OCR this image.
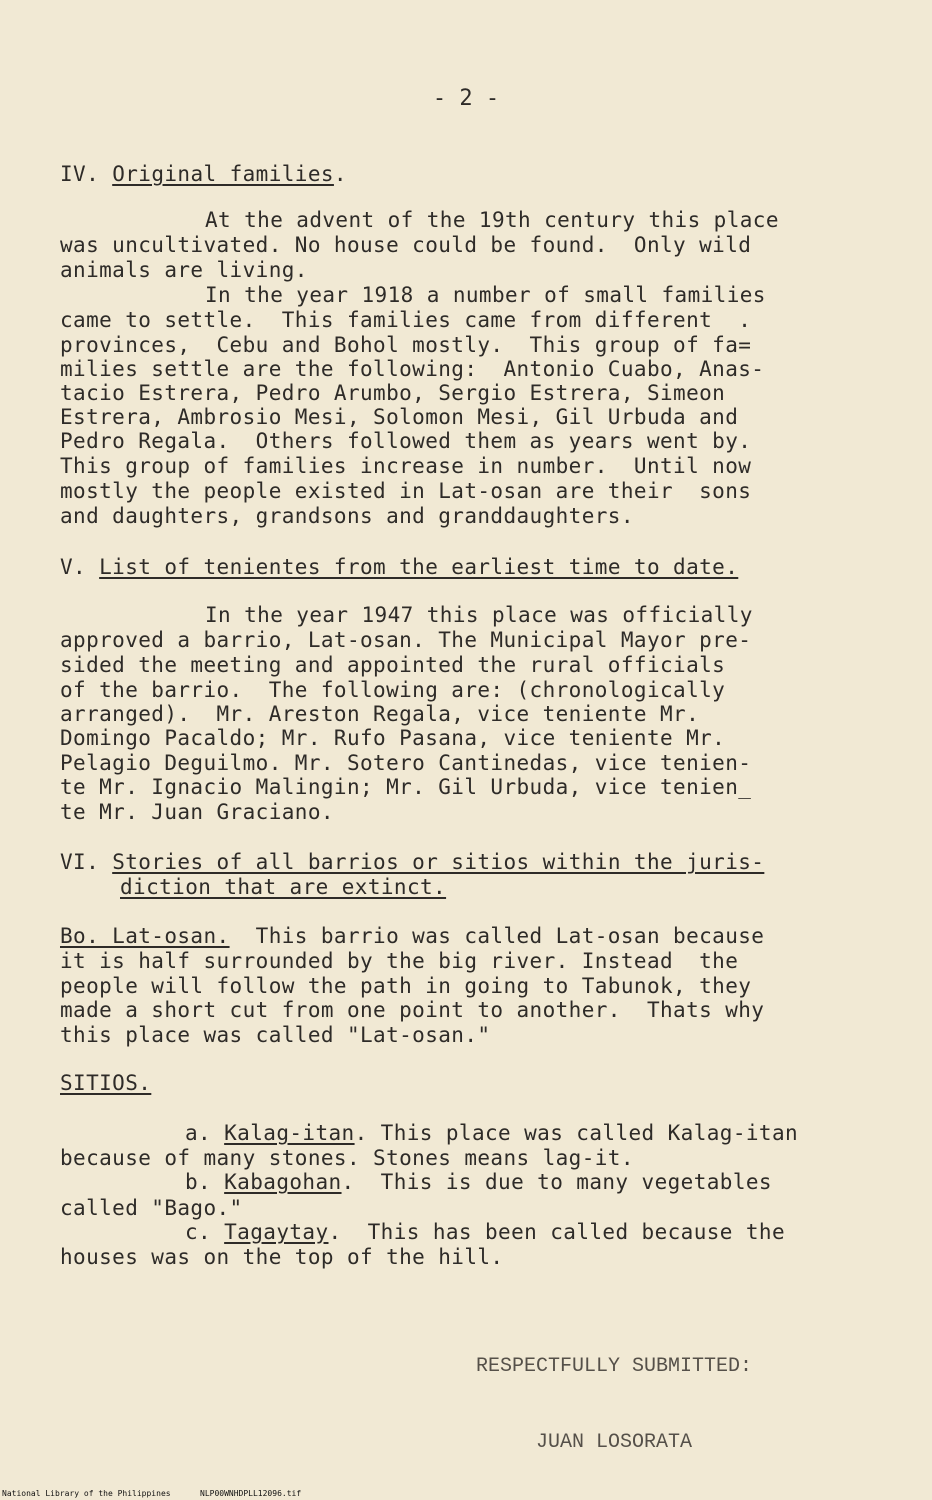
- 2 -
IV. Original families.
At the advent of the 19th century this place
was uncultivated. No house could be found.  Only wild
animals are living.
In the year 1918 a number of small families
came to settle.  This families came from different  .
provinces,  Cebu and Bohol mostly.  This group of fa=
milies settle are the following:  Antonio Cuabo, Anas-
tacio Estrera, Pedro Arumbo, Sergio Estrera, Simeon
Estrera, Ambrosio Mesi, Solomon Mesi, Gil Urbuda and
Pedro Regala.  Others followed them as years went by.
This group of families increase in number.  Until now
mostly the people existed in Lat-osan are their  sons
and daughters, grandsons and granddaughters.
V. List of tenientes from the earliest time to date.
In the year 1947 this place was officially
approved a barrio, Lat-osan. The Municipal Mayor pre-
sided the meeting and appointed the rural officials
of the barrio.  The following are: (chronologically
arranged).  Mr. Areston Regala, vice teniente Mr.
Domingo Pacaldo; Mr. Rufo Pasana, vice teniente Mr.
Pelagio Deguilmo. Mr. Sotero Cantinedas, vice tenien-
te Mr. Ignacio Malingin; Mr. Gil Urbuda, vice tenien_
te Mr. Juan Graciano.
VI. Stories of all barrios or sitios within the juris-
diction that are extinct.
Bo. Lat-osan.  This barrio was called Lat-osan because
it is half surrounded by the big river. Instead  the
people will follow the path in going to Tabunok, they
made a short cut from one point to another.  Thats why
this place was called "Lat-osan."
SITIOS.
a. Kalag-itan. This place was called Kalag-itan
because of many stones. Stones means lag-it.
b. Kabagohan.  This is due to many vegetables
called "Bago."
c. Tagaytay.  This has been called because the
houses was on the top of the hill.
RESPECTFULLY SUBMITTED:
JUAN LOSORATA
National Library of the Philippines	NLP00WNHDPLL12096.tif
